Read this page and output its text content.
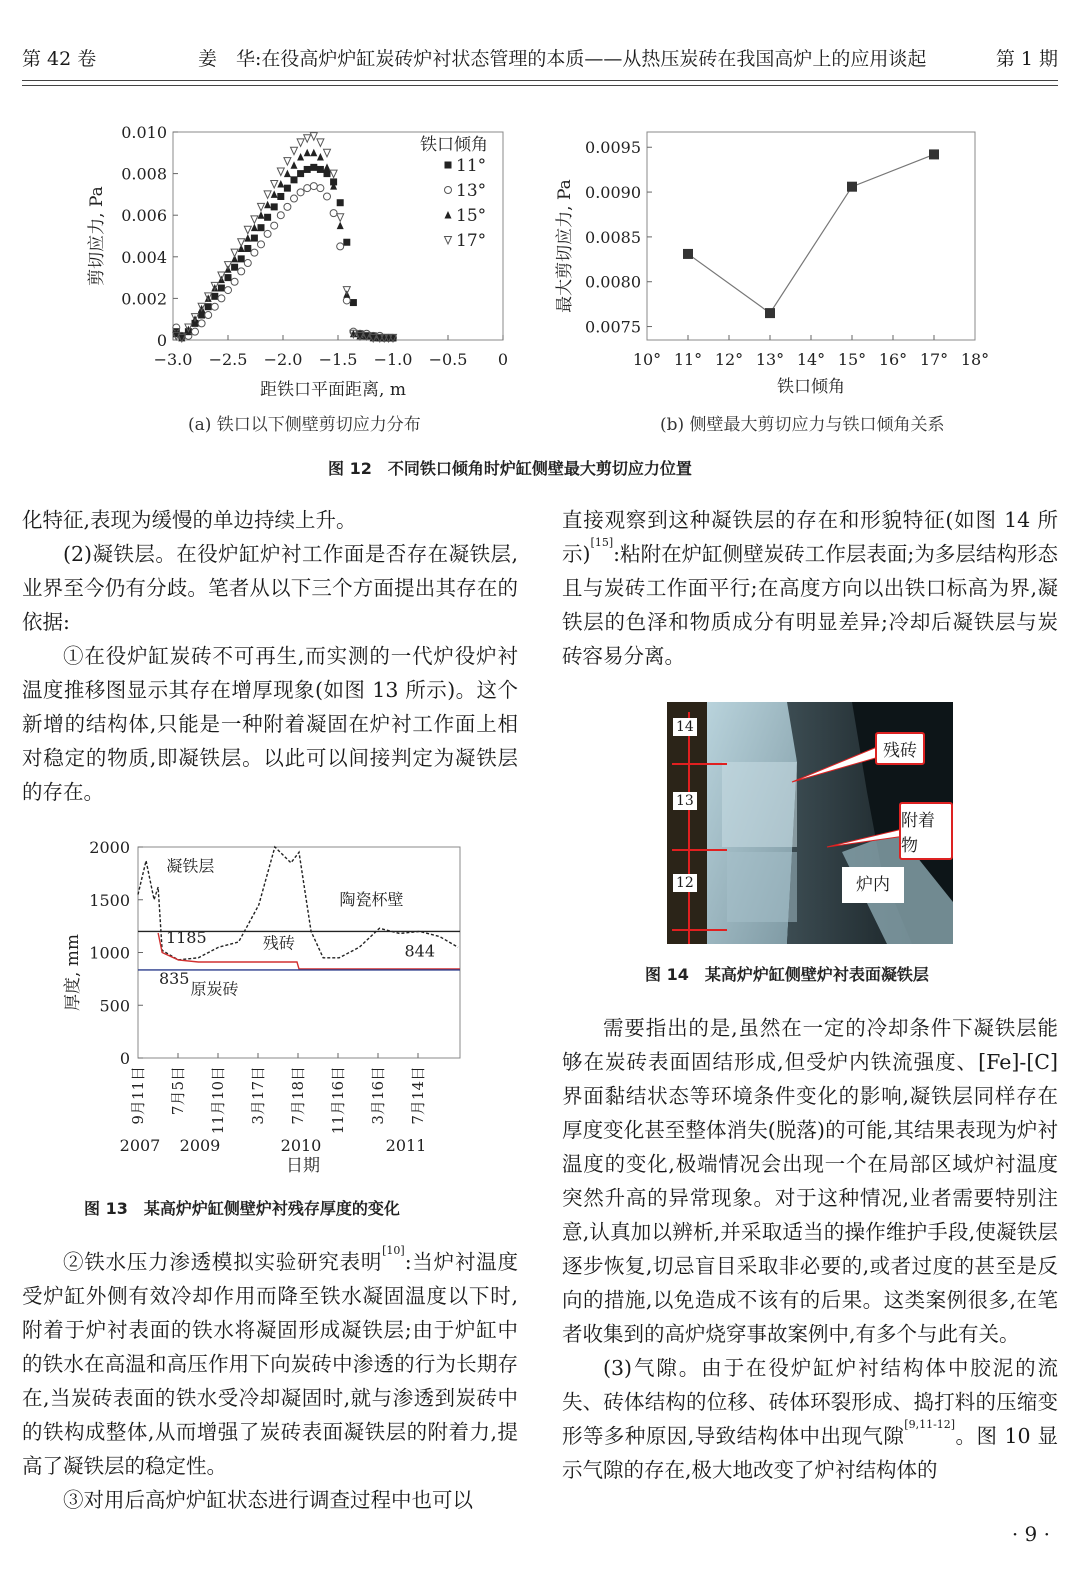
第 42 卷	姜　华:在役高炉炉缸炭砖炉衬状态管理的本质——从热压炭砖在我国高炉上的应用谈起	第 1 期
−3.0 −2.5 −2.0 −1.5 −1.0 −0.5 0
0
0.002
0.004
0.006
0.008
0.010
距铁口平面距离, m
剪切应力, Pa
铁口倾角
11°
13°
15°
17°
10° 11° 12° 13° 14° 15° 16° 17° 18°
0.0075
0.0080
0.0085
0.0090
0.0095
铁口倾角
最大剪切应力, Pa
(a) 铁口以下侧壁剪切应力分布	(b) 侧壁最大剪切应力与铁口倾角关系
图 12　不同铁口倾角时炉缸侧壁最大剪切应力位置

化特征,表现为缓慢的单边持续上升。

(2)凝铁层。在役炉缸炉衬工作面是否存在凝铁层,业界至今仍有分歧。笔者从以下三个方面提出其存在的依据:

①在役炉缸炭砖不可再生,而实测的一代炉役炉衬温度推移图显示其存在增厚现象(如图 13 所示)。这个新增的结构体,只能是一种附着凝固在炉衬工作面上相对稳定的物质,即凝铁层。以此可以间接判定为凝铁层的存在。

0
500
1000
1500
2000
9月11日 7月5日 11月10日 3月17日 7月18日 11月16日 3月16日 7月14日
2007 2009	2010	2011
日期
厚度, mm
凝铁层
陶瓷杯壁
残砖
原炭砖
1185
835
844
图 13　某高炉炉缸侧壁炉衬残存厚度的变化

②铁水压力渗透模拟实验研究表明[10]:当炉衬温度受炉缸外侧有效冷却作用而降至铁水凝固温度以下时,附着于炉衬表面的铁水将凝固形成凝铁层;由于炉缸中的铁水在高温和高压作用下向炭砖中渗透的行为长期存在,当炭砖表面的铁水受冷却凝固时,就与渗透到炭砖中的铁构成整体,从而增强了炭砖表面凝铁层的附着力,提高了凝铁层的稳定性。

③对用后高炉炉缸状态进行调查过程中也可以

直接观察到这种凝铁层的存在和形貌特征(如图 14 所示)[15]:粘附在炉缸侧壁炭砖工作层表面;为多层结构形态且与炭砖工作面平行;在高度方向以出铁口标高为界,凝铁层的色泽和物质成分有明显差异;冷却后凝铁层与炭砖容易分离。

14
13
12
残砖
附着物
炉内
图 14　某高炉炉缸侧壁炉衬表面凝铁层

需要指出的是,虽然在一定的冷却条件下凝铁层能够在炭砖表面固结形成,但受炉内铁流强度、[Fe]-[C]界面黏结状态等环境条件变化的影响,凝铁层同样存在厚度变化甚至整体消失(脱落)的可能,其结果表现为炉衬温度的变化,极端情况会出现一个在局部区域炉衬温度突然升高的异常现象。对于这种情况,业者需要特别注意,认真加以辨析,并采取适当的操作维护手段,使凝铁层逐步恢复,切忌盲目采取非必要的,或者过度的甚至是反向的措施,以免造成不该有的后果。这类案例很多,在笔者收集到的高炉烧穿事故案例中,有多个与此有关。

(3)气隙。由于在役炉缸炉衬结构体中胶泥的流失、砖体结构的位移、砖体环裂形成、捣打料的压缩变形等多种原因,导致结构体中出现气隙[9,11-12]。图 10 显示气隙的存在,极大地改变了炉衬结构体的

· 9 ·
